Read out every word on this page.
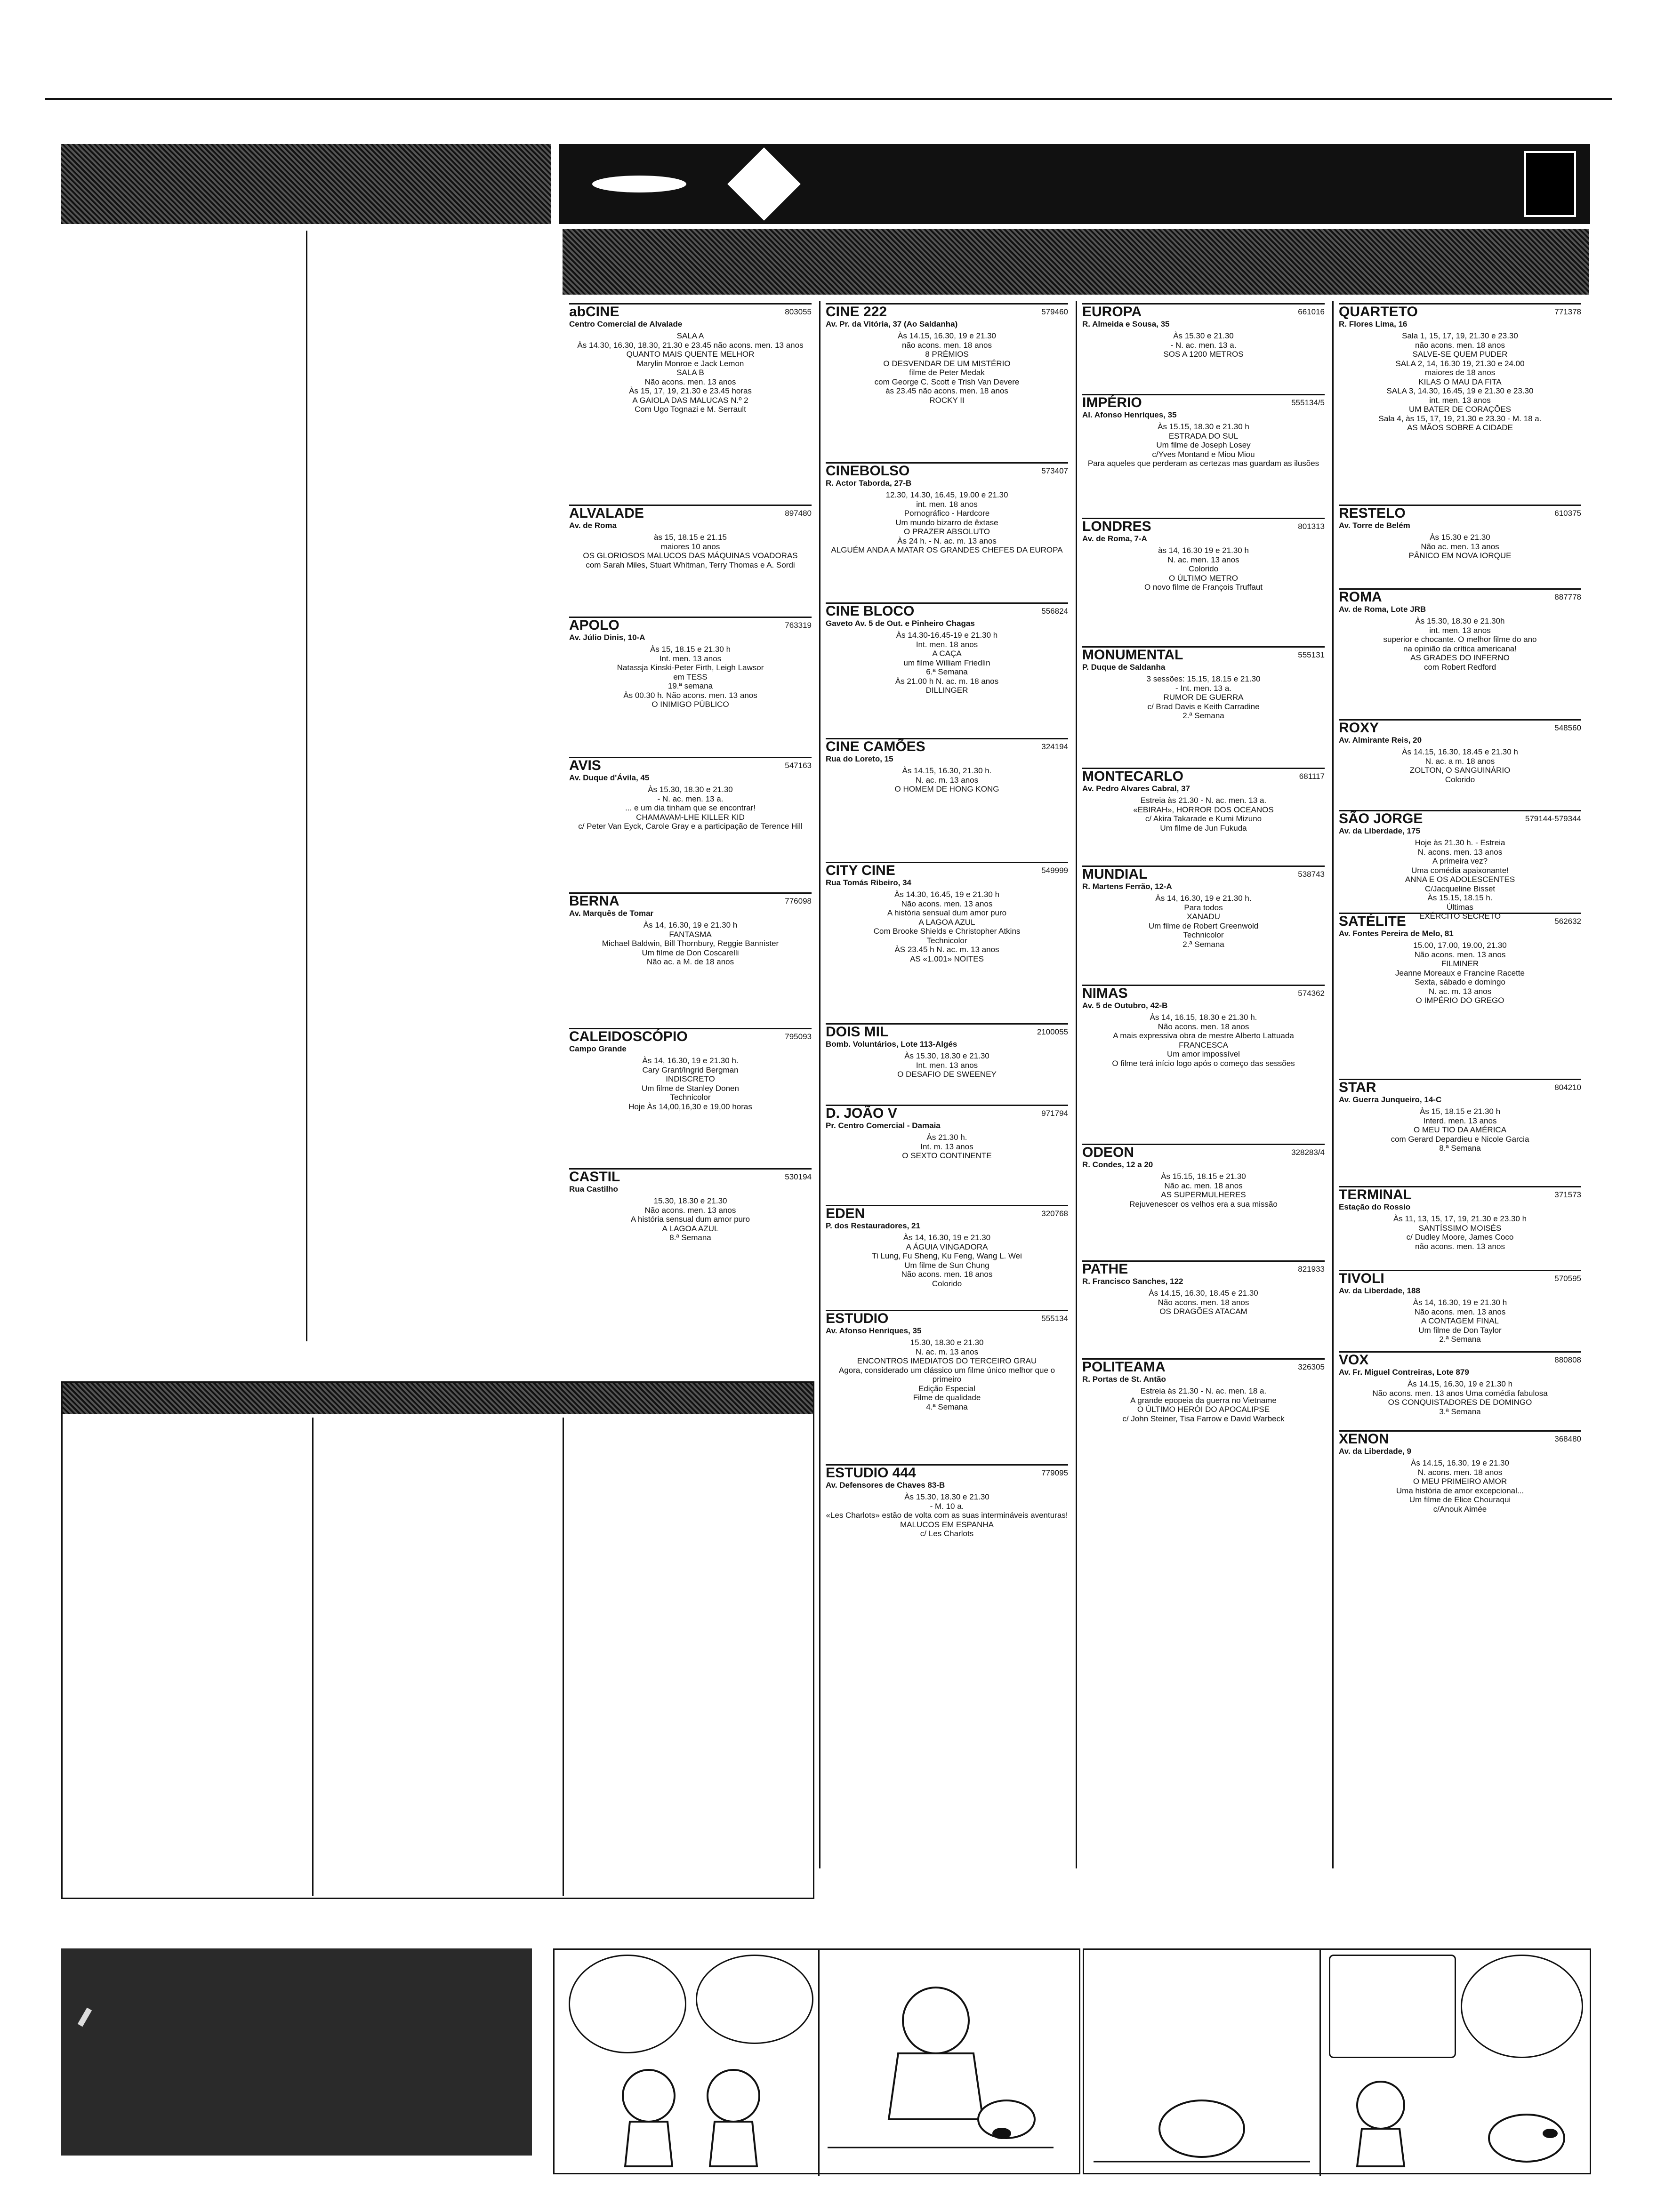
abCINE	803055
Centro Comercial de Alvalade
SALA A
Às 14.30, 16.30, 18.30, 21.30 e 23.45 não acons. men. 13 anos
QUANTO MAIS QUENTE MELHOR
Marylin Monroe e Jack Lemon
SALA B
Não acons. men. 13 anos
Às 15, 17, 19, 21.30 e 23.45 horas
A GAIOLA DAS MALUCAS N.º 2
Com Ugo Tognazi e M. Serrault
ALVALADE	897480
Av. de Roma
às 15, 18.15 e 21.15
maiores 10 anos
OS GLORIOSOS MALUCOS DAS MÁQUINAS VOADORAS
com Sarah Miles, Stuart Whitman, Terry Thomas e A. Sordi
APOLO	763319
Av. Júlio Dinis, 10-A
Às 15, 18.15 e 21.30 h
Int. men. 13 anos
Natassja Kinski-Peter Firth, Leigh Lawsor
em TESS
19.ª semana
Às 00.30 h. Não acons. men. 13 anos
O INIMIGO PÚBLICO
AVIS	547163
Av. Duque d'Ávila, 45
Às 15.30, 18.30 e 21.30
- N. ac. men. 13 a.
... e um dia tinham que se encontrar!
CHAMAVAM-LHE KILLER KID
c/ Peter Van Eyck, Carole Gray e a participação de Terence Hill
BERNA	776098
Av. Marquês de Tomar
Às 14, 16.30, 19 e 21.30 h
FANTASMA
Michael Baldwin, Bill Thornbury, Reggie Bannister
Um filme de Don Coscarelli
Não ac. a M. de 18 anos
CALEIDOSCÓPIO	795093
Campo Grande
Às 14, 16.30, 19 e 21.30 h.
Cary Grant/Ingrid Bergman
INDISCRETO
Um filme de Stanley Donen
Technicolor
Hoje Às 14,00,16,30 e 19,00 horas
CASTIL	530194
Rua Castilho
15.30, 18.30 e 21.30
Não acons. men. 13 anos
A história sensual dum amor puro
A LAGOA AZUL
8.ª Semana
CINE 222	579460
Av. Pr. da Vitória, 37 (Ao Saldanha)
Às 14.15, 16.30, 19 e 21.30
não acons. men. 18 anos
8 PRÉMIOS
O DESVENDAR DE UM MISTÉRIO
filme de Peter Medak
com George C. Scott e Trish Van Devere
às 23.45 não acons. men. 18 anos
ROCKY II
CINEBOLSO	573407
R. Actor Taborda, 27-B
12.30, 14.30, 16.45, 19.00 e 21.30
int. men. 18 anos
Pornográfico - Hardcore
Um mundo bizarro de êxtase
O PRAZER ABSOLUTO
Às 24 h. - N. ac. m. 13 anos
ALGUÉM ANDA A MATAR OS GRANDES CHEFES DA EUROPA
CINE BLOCO	556824
Gaveto Av. 5 de Out. e Pinheiro Chagas
Às 14.30-16.45-19 e 21.30 h
Int. men. 18 anos
A CAÇA
um filme William Friedlin
6.ª Semana
Às 21.00 h N. ac. m. 18 anos
DILLINGER
CINE CAMÕES	324194
Rua do Loreto, 15
Às 14.15, 16.30, 21.30 h.
N. ac. m. 13 anos
O HOMEM DE HONG KONG
CITY CINE	549999
Rua Tomás Ribeiro, 34
Às 14.30, 16.45, 19 e 21.30 h
Não acons. men. 13 anos
A história sensual dum amor puro
A LAGOA AZUL
Com Brooke Shields e Christopher Atkins
Technicolor
ÀS 23.45 h N. ac. m. 13 anos
AS «1.001» NOITES
DOIS MIL	2100055
Bomb. Voluntários, Lote 113-Algés
Às 15.30, 18.30 e 21.30
Int. men. 13 anos
O DESAFIO DE SWEENEY
D. JOÃO V	971794
Pr. Centro Comercial - Damaia
Às 21.30 h.
Int. m. 13 anos
O SEXTO CONTINENTE
EDEN	320768
P. dos Restauradores, 21
Às 14, 16.30, 19 e 21.30
A ÁGUIA VINGADORA
Ti Lung, Fu Sheng, Ku Feng, Wang L. Wei
Um filme de Sun Chung
Não acons. men. 18 anos
Colorido
ESTUDIO	555134
Av. Afonso Henriques, 35
15.30, 18.30 e 21.30
N. ac. m. 13 anos
ENCONTROS IMEDIATOS DO TERCEIRO GRAU
Agora, considerado um clássico um filme único melhor que o primeiro
Edição Especial
Filme de qualidade
4.ª Semana
ESTUDIO 444	779095
Av. Defensores de Chaves 83-B
Às 15.30, 18.30 e 21.30
- M. 10 a.
«Les Charlots» estão de volta com as suas intermináveis aventuras!
MALUCOS EM ESPANHA
c/ Les Charlots
EUROPA	661016
R. Almeida e Sousa, 35
Às 15.30 e 21.30
- N. ac. men. 13 a.
SOS A 1200 METROS
IMPÉRIO	555134/5
Al. Afonso Henriques, 35
Às 15.15, 18.30 e 21.30 h
ESTRADA DO SUL
Um filme de Joseph Losey
c/Yves Montand e Miou Miou
Para aqueles que perderam as certezas mas guardam as ilusões
LONDRES	801313
Av. de Roma, 7-A
às 14, 16.30 19 e 21.30 h
N. ac. men. 13 anos
Colorido
O ÚLTIMO METRO
O novo filme de François Truffaut
MONUMENTAL	555131
P. Duque de Saldanha
3 sessões: 15.15, 18.15 e 21.30
- Int. men. 13 a.
RUMOR DE GUERRA
c/ Brad Davis e Keith Carradine
2.ª Semana
MONTECARLO	681117
Av. Pedro Alvares Cabral, 37
Estreia às 21.30 - N. ac. men. 13 a.
«EBIRAH», HORROR DOS OCEANOS
c/ Akira Takarade e Kumi Mizuno
Um filme de Jun Fukuda
MUNDIAL	538743
R. Martens Ferrão, 12-A
Às 14, 16.30, 19 e 21.30 h.
Para todos
XANADU
Um filme de Robert Greenwold
Technicolor
2.ª Semana
NIMAS	574362
Av. 5 de Outubro, 42-B
Às 14, 16.15, 18.30 e 21.30 h.
Não acons. men. 18 anos
A mais expressiva obra de mestre Alberto Lattuada
FRANCESCA
Um amor impossível
O filme terá início logo após o começo das sessões
ODEON	328283/4
R. Condes, 12 a 20
Às 15.15, 18.15 e 21.30
Não ac. men. 18 anos
AS SUPERMULHERES
Rejuvenescer os velhos era a sua missão
PATHE	821933
R. Francisco Sanches, 122
Às 14.15, 16.30, 18.45 e 21.30
Não acons. men. 18 anos
OS DRAGÕES ATACAM
POLITEAMA	326305
R. Portas de St. Antão
Estreia às 21.30 - N. ac. men. 18 a.
A grande epopeia da guerra no Vietname
O ÚLTIMO HERÓI DO APOCALIPSE
c/ John Steiner, Tisa Farrow e David Warbeck
QUARTETO	771378
R. Flores Lima, 16
Sala 1, 15, 17, 19, 21.30 e 23.30
não acons. men. 18 anos
SALVE-SE QUEM PUDER
SALA 2, 14, 16.30 19, 21.30 e 24.00
maiores de 18 anos
KILAS O MAU DA FITA
SALA 3, 14.30, 16.45, 19 e 21.30 e 23.30
int. men. 13 anos
UM BATER DE CORAÇÕES
Sala 4, às 15, 17, 19, 21.30 e 23.30 - M. 18 a.
AS MÃOS SOBRE A CIDADE
RESTELO	610375
Av. Torre de Belém
Às 15.30 e 21.30
Não ac. men. 13 anos
PÂNICO EM NOVA IORQUE
ROMA	887778
Av. de Roma, Lote JRB
Às 15.30, 18.30 e 21.30h
int. men. 13 anos
superior e chocante. O melhor filme do ano
na opinião da crítica americana!
AS GRADES DO INFERNO
com Robert Redford
ROXY	548560
Av. Almirante Reis, 20
Às 14.15, 16.30, 18.45 e 21.30 h
N. ac. a m. 18 anos
ZOLTON, O SANGUINÁRIO
Colorido
SÃO JORGE	579144-579344
Av. da Liberdade, 175
Hoje às 21.30 h. - Estreia
N. acons. men. 13 anos
A primeira vez?
Uma comédia apaixonante!
ANNA E OS ADOLESCENTES
C/Jacqueline Bisset
Às 15.15, 18.15 h.
Últimas
EXÉRCITO SECRETO
SATÉLITE	562632
Av. Fontes Pereira de Melo, 81
15.00, 17.00, 19.00, 21.30
Não acons. men. 13 anos
FILMINER
Jeanne Moreaux e Francine Racette
Sexta, sábado e domingo
N. ac. m. 13 anos
O IMPÉRIO DO GREGO
STAR	804210
Av. Guerra Junqueiro, 14-C
Às 15, 18.15 e 21.30 h
Interd. men. 13 anos
O MEU TIO DA AMÉRICA
com Gerard Depardieu e Nicole Garcia
8.ª Semana
TERMINAL	371573
Estação do Rossio
Às 11, 13, 15, 17, 19, 21.30 e 23.30 h
SANTÍSSIMO MOISÉS
c/ Dudley Moore, James Coco
não acons. men. 13 anos
TIVOLI	570595
Av. da Liberdade, 188
Às 14, 16.30, 19 e 21.30 h
Não acons. men. 13 anos
A CONTAGEM FINAL
Um filme de Don Taylor
2.ª Semana
VOX	880808
Av. Fr. Miguel Contreiras, Lote 879
Às 14.15, 16.30, 19 e 21.30 h
Não acons. men. 13 anos Uma comédia fabulosa
OS CONQUISTADORES DE DOMINGO
3.ª Semana
XENON	368480
Av. da Liberdade, 9
Às 14.15, 16.30, 19 e 21.30
N. acons. men. 18 anos
O MEU PRIMEIRO AMOR
Uma história de amor excepcional...
Um filme de Elice Chouraqui
c/Anouk Aimée
